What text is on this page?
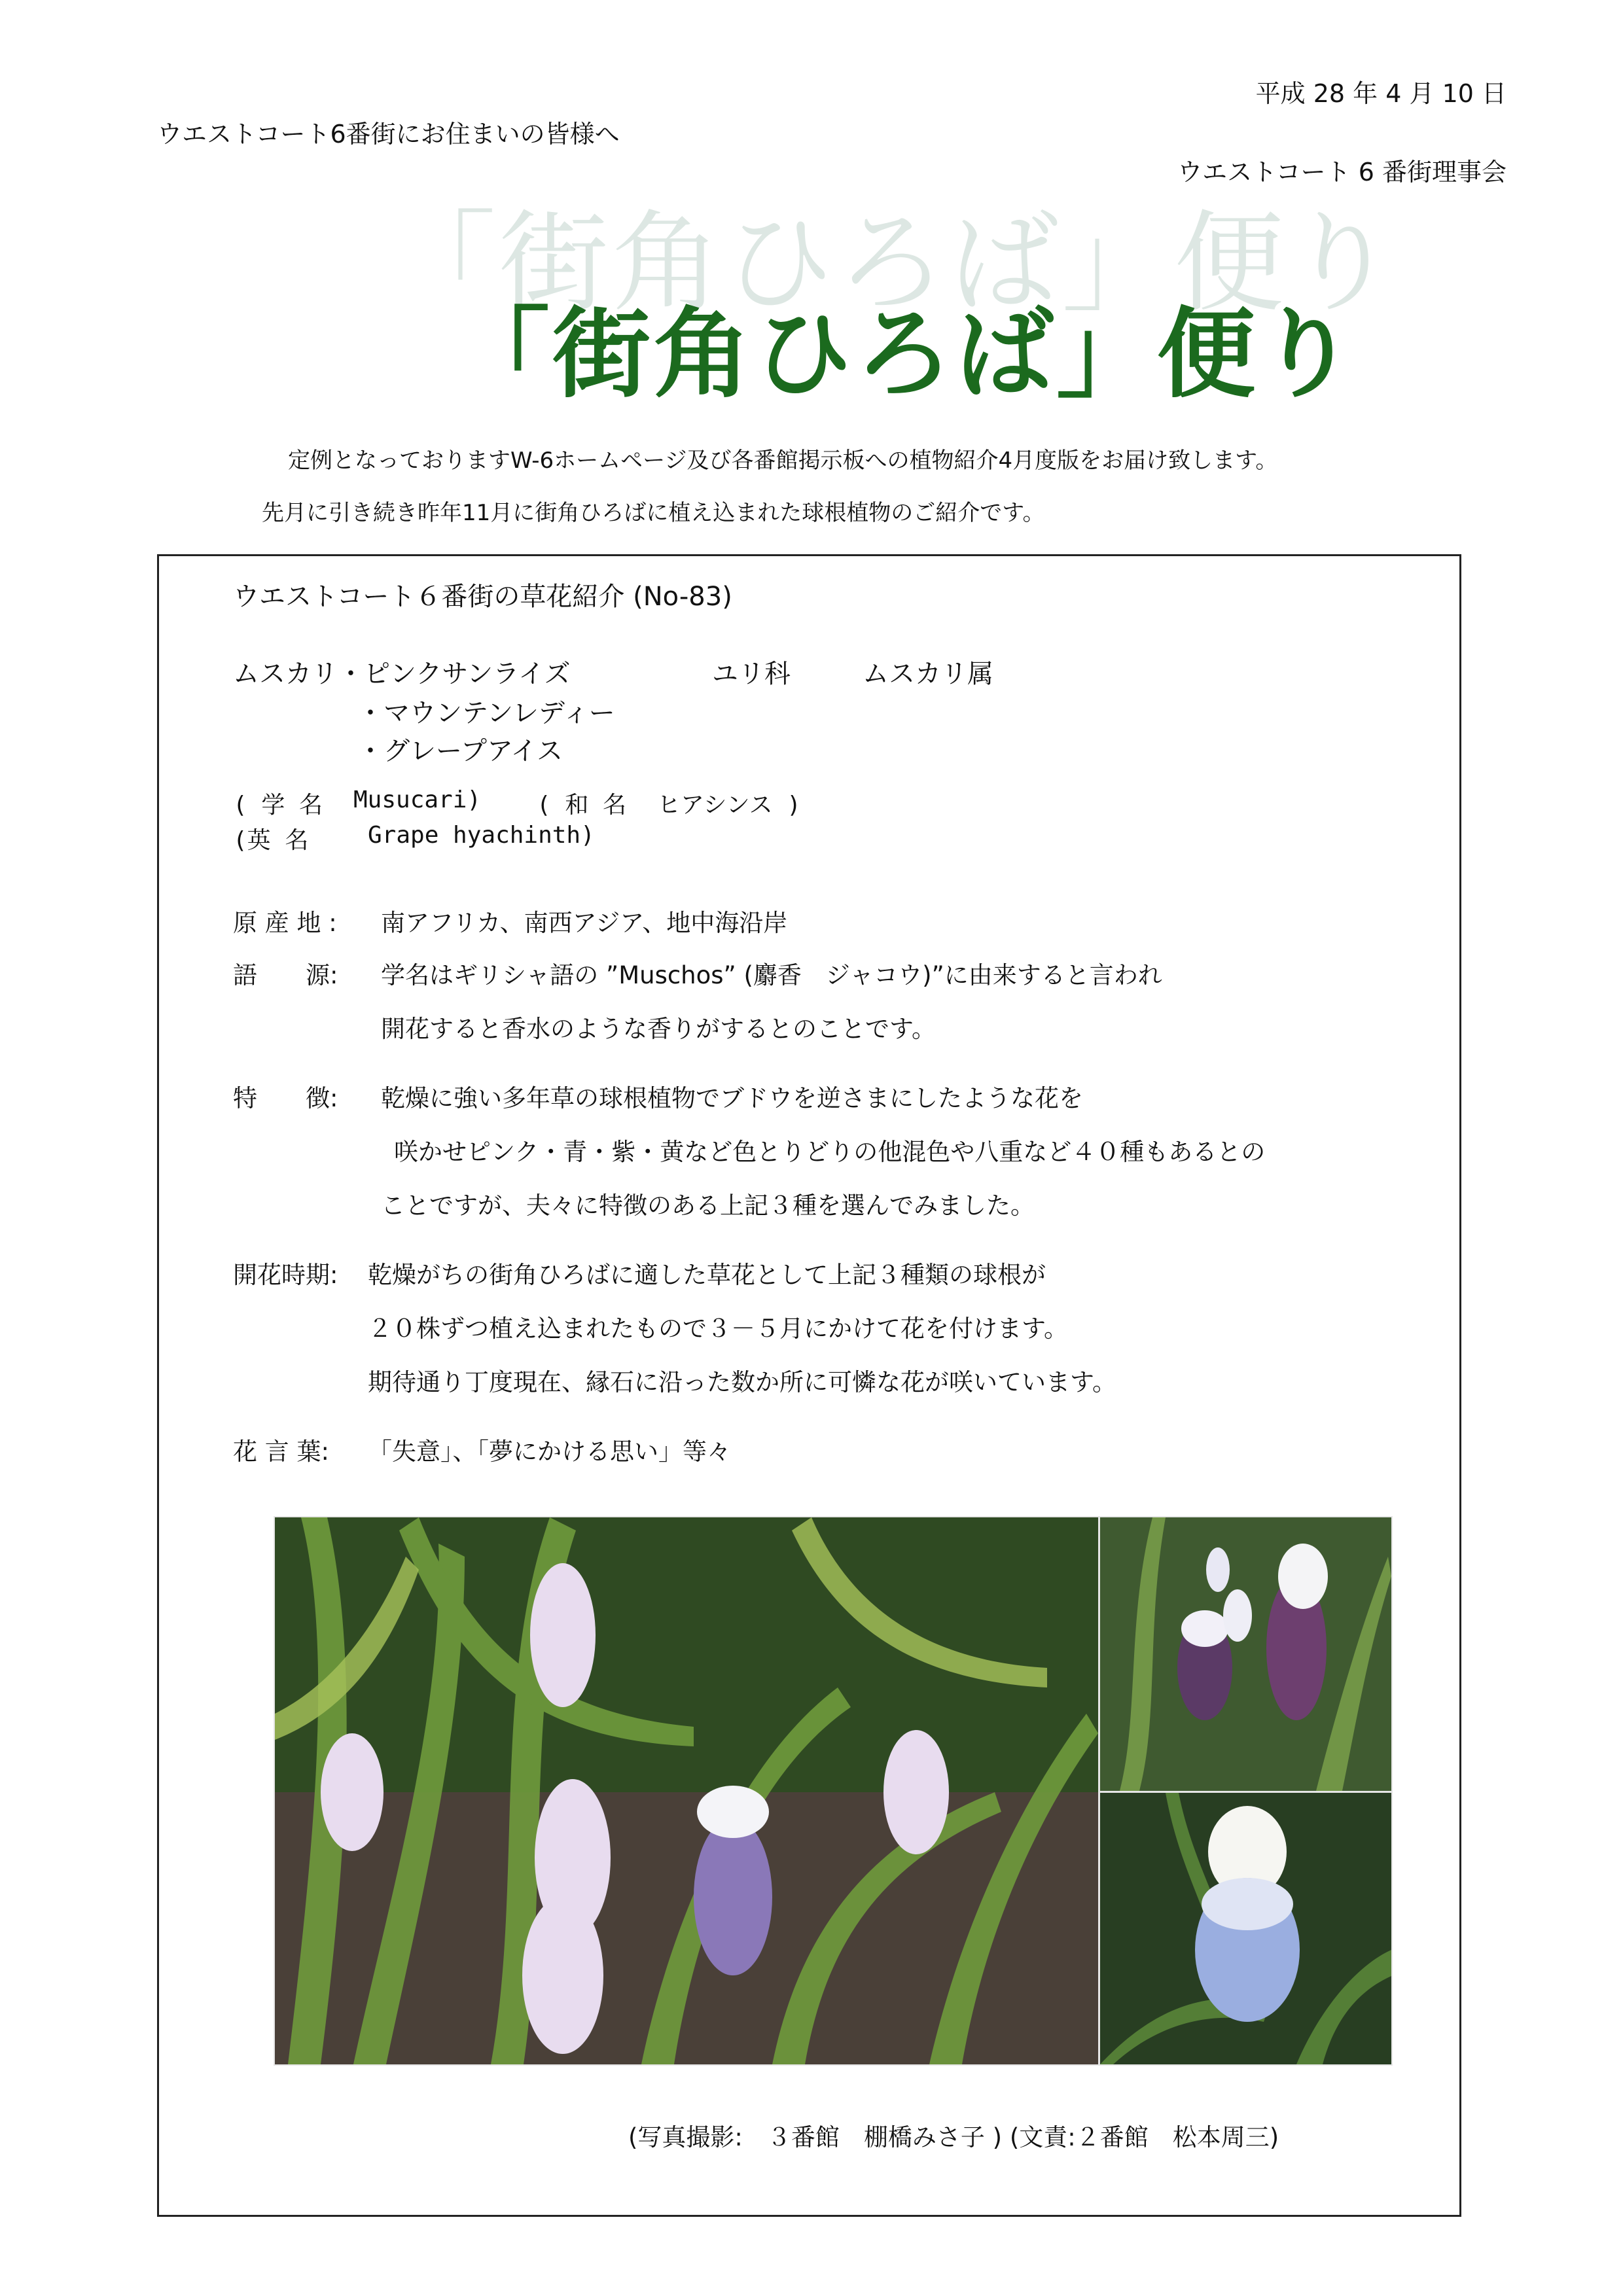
平成 28 年 4 月 10 日
ウエストコート6番街にお住まいの皆様へ
ウエストコート 6 番街理事会
「街角ひろば」便り
「街角ひろば」便り
定例となっておりますW-6ホームページ及び各番館掲示板への植物紹介4月度版をお届け致します。
先月に引き続き昨年11月に街角ひろばに植え込まれた球根植物のご紹介です。
ウエストコート６番街の草花紹介 (No-83)
ムスカリ・ピンクサンライズ	ユリ科	ムスカリ属
・マウンテンレディー
・グレープアイス
( 学 名 Musucari) ( 和 名 ヒアシンス )
(英 名	Grape hyachinth)
原 産 地 : 南アフリカ、南西アジア、地中海沿岸
語　　源: 学名はギリシャ語の ”Muschos” (麝香　ジャコウ)”に由来すると言われ
開花すると香水のような香りがするとのことです。
特　　徴: 乾燥に強い多年草の球根植物でブドウを逆さまにしたような花を
咲かせピンク・青・紫・黄など色とりどりの他混色や八重など４０種もあるとの
ことですが、夫々に特徴のある上記３種を選んでみました。
開花時期: 乾燥がちの街角ひろばに適した草花として上記３種類の球根が
２０株ずつ植え込まれたもので３－５月にかけて花を付けます。
期待通り丁度現在、縁石に沿った数か所に可憐な花が咲いています。
花 言 葉: 「失意」、「夢にかける思い」等々
(写真撮影:　３番館　棚橋みさ子 ) (文責:２番館　松本周三)
